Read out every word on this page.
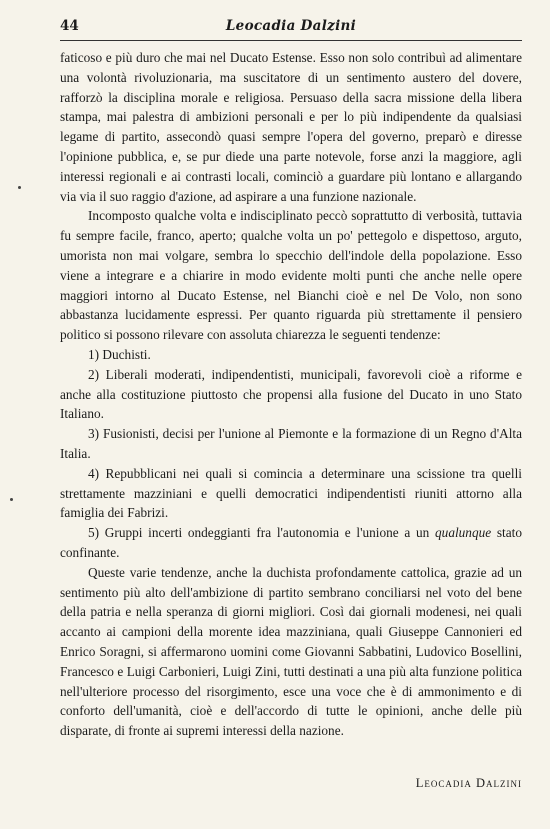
44	Leocadia Dalzini

faticoso e più duro che mai nel Ducato Estense. Esso non solo contribuì ad alimentare una volontà rivoluzionaria, ma suscitatore di un sentimento austero del dovere, rafforzò la disciplina morale e religiosa. Persuaso della sacra missione della libera stampa, mai palestra di ambizioni personali e per lo più indipendente da qualsiasi legame di partito, assecondò quasi sempre l'opera del governo, preparò e diresse l'opinione pubblica, e, se pur diede una parte notevole, forse anzi la maggiore, agli interessi regionali e ai contrasti locali, cominciò a guardare più lontano e allargando via via il suo raggio d'azione, ad aspirare a una funzione nazionale.

Incomposto qualche volta e indisciplinato peccò soprattutto di verbosità, tuttavia fu sempre facile, franco, aperto; qualche volta un po' pettegolo e dispettoso, arguto, umorista non mai volgare, sembra lo specchio dell'indole della popolazione. Esso viene a integrare e a chiarire in modo evidente molti punti che anche nelle opere maggiori intorno al Ducato Estense, nel Bianchi cioè e nel De Volo, non sono abbastanza lucidamente espressi. Per quanto riguarda più strettamente il pensiero politico si possono rilevare con assoluta chiarezza le seguenti tendenze:

1) Duchisti.

2) Liberali moderati, indipendentisti, municipali, favorevoli cioè a riforme e anche alla costituzione piuttosto che propensi alla fusione del Ducato in uno Stato Italiano.

3) Fusionisti, decisi per l'unione al Piemonte e la formazione di un Regno d'Alta Italia.

4) Repubblicani nei quali si comincia a determinare una scissione tra quelli strettamente mazziniani e quelli democratici indipendentisti riuniti attorno alla famiglia dei Fabrizi.

5) Gruppi incerti ondeggianti fra l'autonomia e l'unione a un qualunque stato confinante.

Queste varie tendenze, anche la duchista profondamente cattolica, grazie ad un sentimento più alto dell'ambizione di partito sembrano conciliarsi nel voto del bene della patria e nella speranza di giorni migliori. Così dai giornali modenesi, nei quali accanto ai campioni della morente idea mazziniana, quali Giuseppe Cannonieri ed Enrico Soragni, si affermarono uomini come Giovanni Sabbatini, Ludovico Bosellini, Francesco e Luigi Carbonieri, Luigi Zini, tutti destinati a una più alta funzione politica nell'ulteriore processo del risorgimento, esce una voce che è di ammonimento e di conforto dell'umanità, cioè e dell'accordo di tutte le opinioni, anche delle più disparate, di fronte ai supremi interessi della nazione.

Leocadia Dalzini
